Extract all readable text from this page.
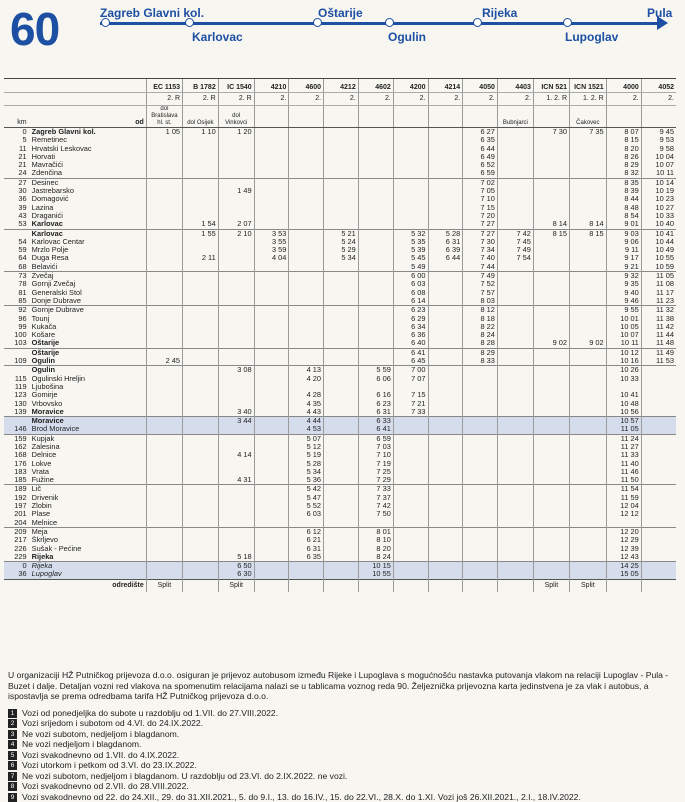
60	Zagreb Glavni kol.	Oštarije	Rijeka	Pula
Karlovac	Ogulin	Lupoglav
		EC 1153	B 1782	IC 1540	4210	4600	4212	4602	4200	4214	4050	4403	ICN 521	ICN 1521	4000	4052
		2. R	2. R	2. R	2.	2.	2.	2.	2.	2.	2.	2.	1. 2. R	1. 2. R	2.	2.
km	od	dol Bratislava hl. st.	dol Osijek	dol Vinkovci								Bubnjarci		Čakovec		
0	Zagreb Glavni kol.	1 05	1 10	1 20							6 27		7 30	7 35	8 07	9 45
5	Remetinec										6 35				8 15	9 53
11	Hrvatski Leskovac										6 44				8 20	9 58
21	Horvati										6 49				8 26	10 04
21	Mavračići										6 52				8 29	10 07
24	Zdenčina										6 59				8 32	10 11
27	Desinec										7 02				8 35	10 14
30	Jastrebarsko			1 49							7 05				8 39	10 19
36	Domagović										7 10				8 44	10 23
39	Lazina										7 15				8 48	10 27
43	Draganići										7 20				8 54	10 33
53	Karlovac		1 54	2 07							7 27		8 14	8 14	9 01	10 40
	Karlovac		1 55	2 10	3 53		5 21		5 32	5 28	7 27	7 42	8 15	8 15	9 03	10 41
54	Karlovac Centar				3 55		5 24		5 35	6 31	7 30	7 45			9 06	10 44
59	Mrzlo Polje				3 59		5 29		5 39	6 39	7 34	7 49			9 11	10 49
64	Duga Resa		2 11		4 04		5 34		5 45	6 44	7 40	7 54			9 17	10 55
68	Belavići								5 49		7 44				9 21	10 59
73	Zvečaj								6 00		7 49				9 32	11 05
78	Gornji Zvečaj								6 03		7 52				9 35	11 08
81	Generalski Stol								6 08		7 57				9 40	11 17
85	Donje Dubrave								6 14		8 03				9 46	11 23
92	Gornje Dubrave								6 23		8 12				9 55	11 32
96	Tounj								6 29		8 18				10 01	11 38
99	Kukača								6 34		8 22				10 05	11 42
100	Košare								6 36		8 24				10 07	11 44
103	Oštarije								6 40		8 28		9 02	9 02	10 11	11 48
	Oštarije								6 41		8 29				10 12	11 49
109	Ogulin	2 45							6 45		8 33				10 16	11 53
	Ogulin			3 08		4 13		5 59	7 00						10 26	
115	Ogulinski Hreljin					4 20		6 06	7 07						10 33	
119	Ljubošina															
123	Gomirje					4 28		6 16	7 15						10 41	
130	Vrbovsko					4 35		6 23	7 21						10 48	
139	Moravice			3 40		4 43		6 31	7 33						10 56	
	Moravice			3 44		4 44		6 33							10 57	
146	Brod Moravice					4 53		6 41							11 05	
159	Kupjak					5 07		6 59							11 24	
162	Zalesina					5 12		7 03							11 27	
168	Delnice			4 14		5 19		7 10							11 33	
176	Lokve					5 28		7 19							11 40	
183	Vrata					5 34		7 25							11 46	
185	Fužine			4 31		5 36		7 29							11 50	
189	Lič					5 42		7 33							11 54	
192	Drivenik					5 47		7 37							11 59	
197	Zlobin					5 52		7 42							12 04	
201	Plase					6 03		7 50							12 12	
204	Melnice															
209	Meja					6 12		8 01							12 20	
217	Škrljevo					6 21		8 10							12 29	
226	Sušak - Pećine					6 31		8 20							12 39	
229	Rijeka			5 18		6 35		8 24							12 43	
0	Rijeka			6 50				10 15							14 25	
36	Lupoglav			6 30				10 55							15 05	
	odredište	Split		Split									Split	Split		

U organizaciji HŽ Putničkog prijevoza d.o.o. osiguran je prijevoz autobusom između Rijeke i Lupoglava s mogućnošću nastavka putovanja vlakom na relaciji Lupoglav - Pula - Buzet i dalje. Detaljan vozni red vlakova na spomenutim relacijama nalazi se u tablicama voznog reda 90. Željeznička prijevozna karta jedinstvena je za vlak i autobus, a ispostavlja se prema odredbama tarifa HŽ Putničkog prijevoza d.o.o.

1 Vozi od ponedjeljka do subote u razdoblju od 1.VII. do 27.VIII.2022.
2 Vozi srijedom i subotom od 4.VI. do 24.IX.2022.
3 Ne vozi subotom, nedjeljom i blagdanom.
4 Ne vozi nedjeljom i blagdanom.
5 Vozi svakodnevno od 1.VII. do 4.IX.2022.
6 Vozi utorkom i petkom od 3.VI. do 23.IX.2022.
7 Ne vozi subotom, nedjeljom i blagdanom. U razdoblju od 23.VI. do 2.IX.2022. ne vozi.
8 Vozi svakodnevno od 2.VII. do 28.VIII.2022.
9 Vozi svakodnevno od 22. do 24.XII., 29. do 31.XII.2021., 5. do 9.I., 13. do 16.IV., 15. do 22.VI., 28.X. do 1.XI. Vozi još 26.XII.2021., 2.I., 18.IV.2022.
